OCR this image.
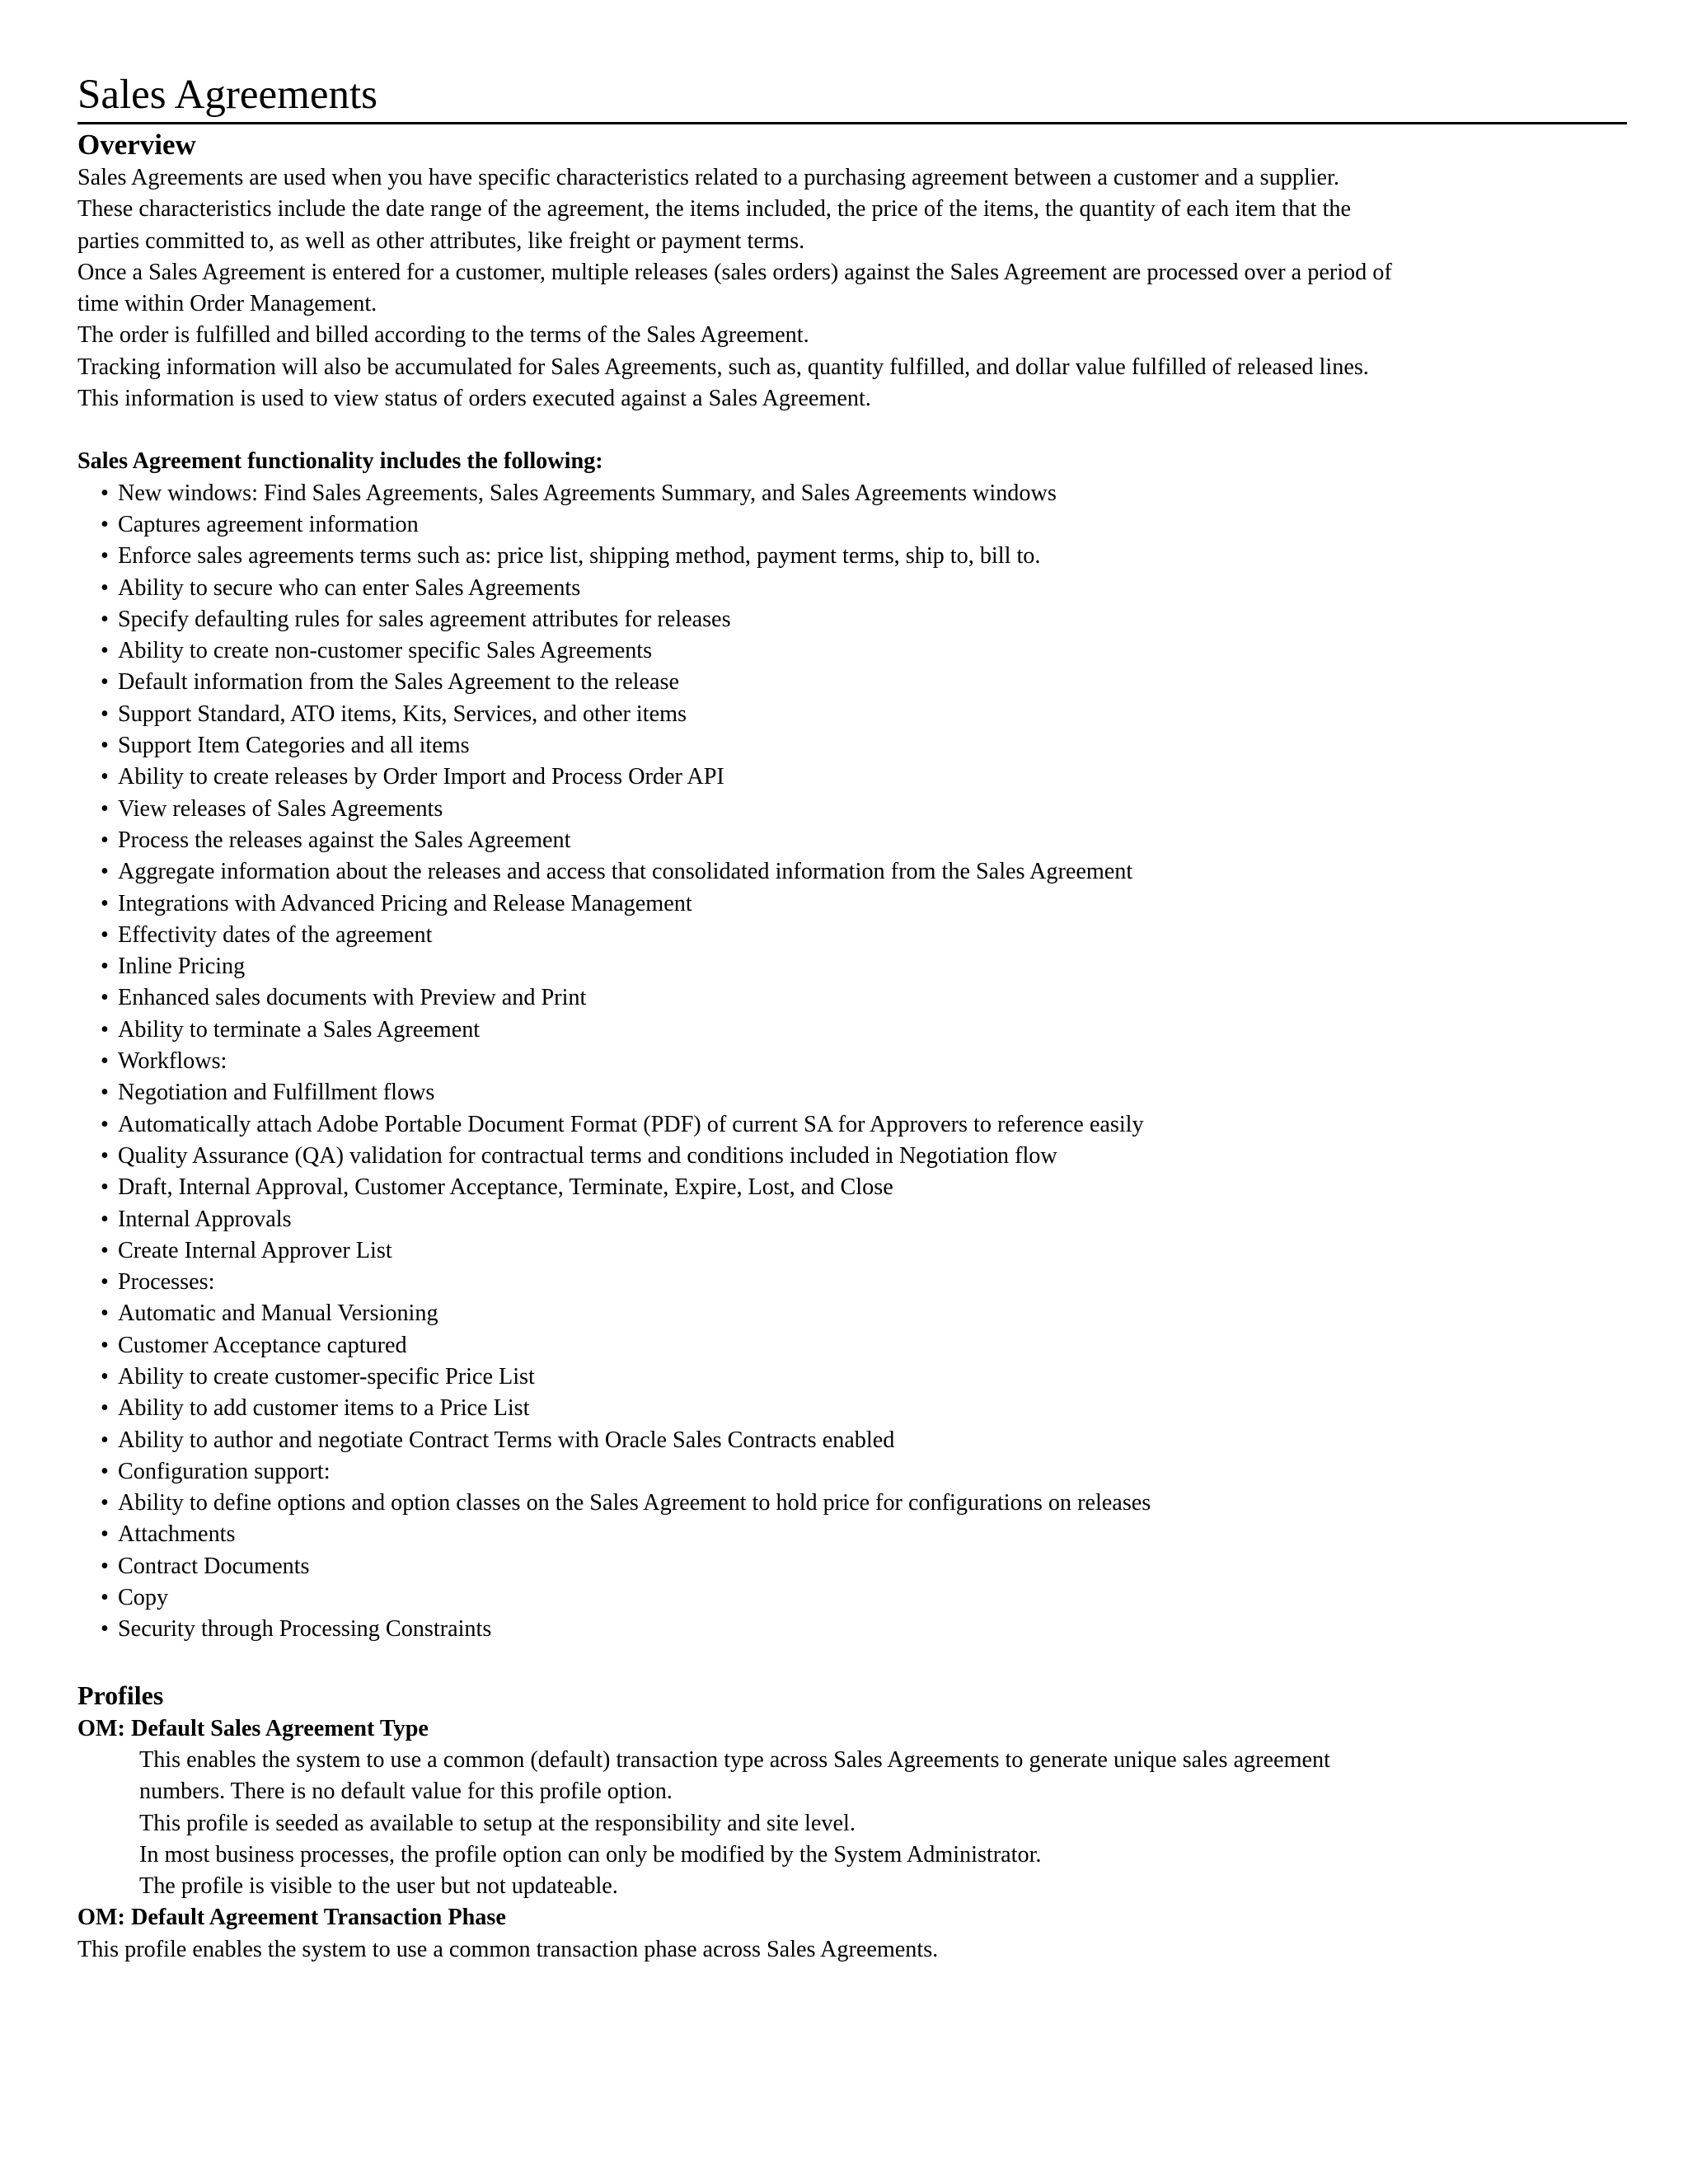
Sales Agreements
Overview

Sales Agreements are used when you have specific characteristics related to a purchasing agreement between a customer and a supplier.

These characteristics include the date range of the agreement, the items included, the price of the items, the quantity of each item that the

parties committed to, as well as other attributes, like freight or payment terms.

Once a Sales Agreement is entered for a customer, multiple releases (sales orders) against the Sales Agreement are processed over a period of

time within Order Management.

The order is fulfilled and billed according to the terms of the Sales Agreement.

Tracking information will also be accumulated for Sales Agreements, such as, quantity fulfilled, and dollar value fulfilled of released lines.

This information is used to view status of orders executed against a Sales Agreement.

Sales Agreement functionality includes the following:

• New windows: Find Sales Agreements, Sales Agreements Summary, and Sales Agreements windows
• Captures agreement information
• Enforce sales agreements terms such as: price list, shipping method, payment terms, ship to, bill to.
• Ability to secure who can enter Sales Agreements
• Specify defaulting rules for sales agreement attributes for releases
• Ability to create non-customer specific Sales Agreements
• Default information from the Sales Agreement to the release
• Support Standard, ATO items, Kits, Services, and other items
• Support Item Categories and all items
• Ability to create releases by Order Import and Process Order API
• View releases of Sales Agreements
• Process the releases against the Sales Agreement
• Aggregate information about the releases and access that consolidated information from the Sales Agreement
• Integrations with Advanced Pricing and Release Management
• Effectivity dates of the agreement
• Inline Pricing
• Enhanced sales documents with Preview and Print
• Ability to terminate a Sales Agreement
• Workflows:
• Negotiation and Fulfillment flows
• Automatically attach Adobe Portable Document Format (PDF) of current SA for Approvers to reference easily
• Quality Assurance (QA) validation for contractual terms and conditions included in Negotiation flow
• Draft, Internal Approval, Customer Acceptance, Terminate, Expire, Lost, and Close
• Internal Approvals
• Create Internal Approver List
• Processes:
• Automatic and Manual Versioning
• Customer Acceptance captured
• Ability to create customer-specific Price List
• Ability to add customer items to a Price List
• Ability to author and negotiate Contract Terms with Oracle Sales Contracts enabled
• Configuration support:
• Ability to define options and option classes on the Sales Agreement to hold price for configurations on releases
• Attachments
• Contract Documents
• Copy
• Security through Processing Constraints
Profiles

OM: Default Sales Agreement Type

This enables the system to use a common (default) transaction type across Sales Agreements to generate unique sales agreement

numbers. There is no default value for this profile option.

This profile is seeded as available to setup at the responsibility and site level.

In most business processes, the profile option can only be modified by the System Administrator.

The profile is visible to the user but not updateable.

OM: Default Agreement Transaction Phase

This profile enables the system to use a common transaction phase across Sales Agreements.
